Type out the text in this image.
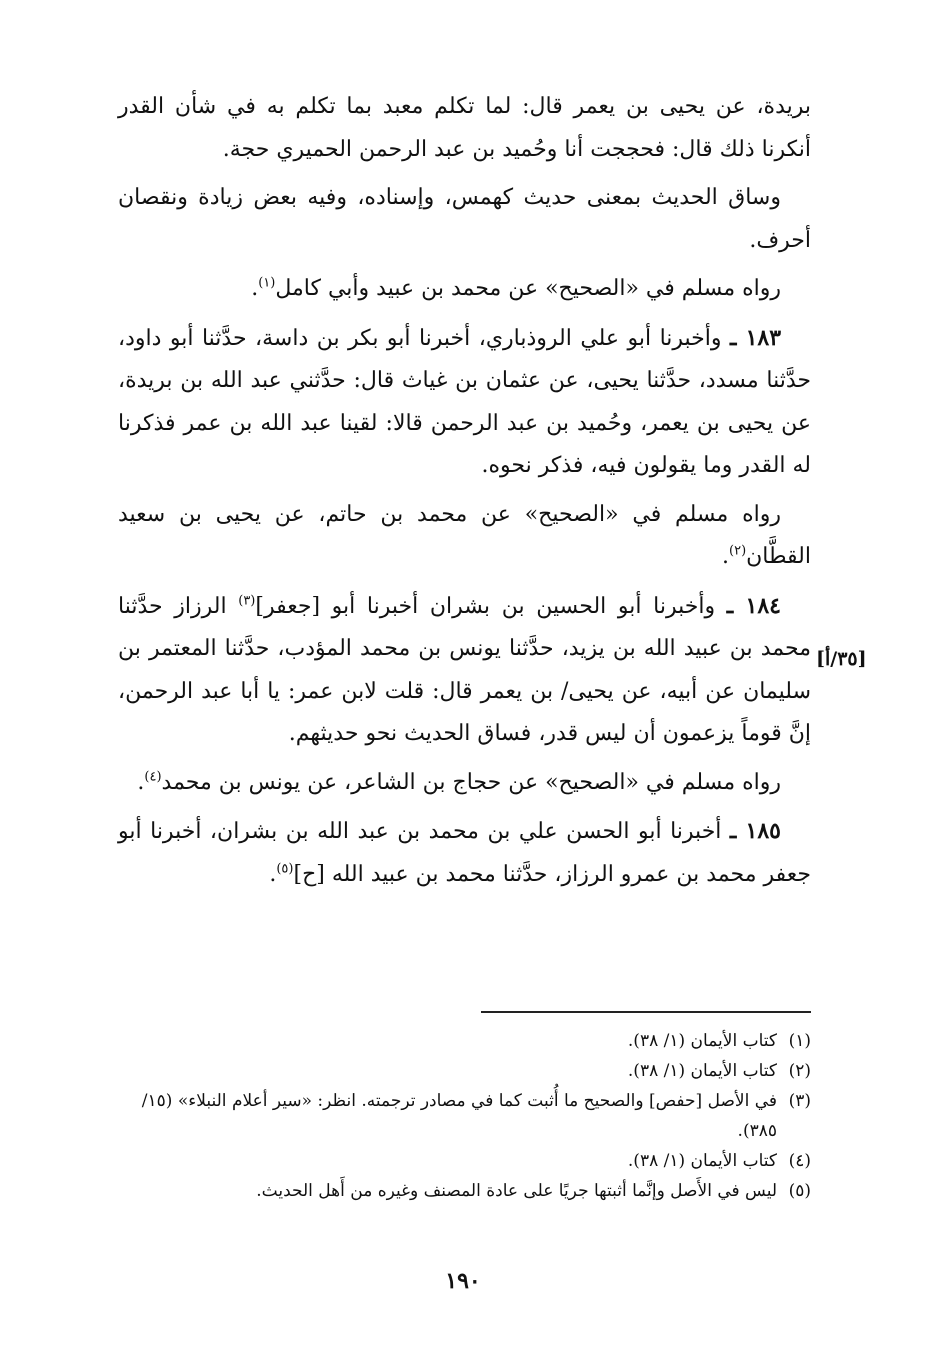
بريدة، عن يحيى بن يعمر قال: لما تكلم معبد بما تكلم به في شأن القدر أنكرنا ذلك قال: فحججت أنا وحُميد بن عبد الرحمن الحميري حجة.

وساق الحديث بمعنى حديث كهمس، وإسناده، وفيه بعض زيادة ونقصان أحرف.

رواه مسلم في «الصحيح» عن محمد بن عبيد وأبي كامل$^{(١)}$.

١٨٣ ـ وأخبرنا أبو علي الروذباري، أخبرنا أبو بكر بن داسة، حدَّثنا أبو داود، حدَّثنا مسدد، حدَّثنا يحيى، عن عثمان بن غياث قال: حدَّثني عبد الله بن بريدة، عن يحيى بن يعمر، وحُميد بن عبد الرحمن قالا: لقينا عبد الله بن عمر فذكرنا له القدر وما يقولون فيه، فذكر نحوه.

رواه مسلم في «الصحيح» عن محمد بن حاتم، عن يحيى بن سعيد القطَّان$^{(٢)}$.

١٨٤ ـ وأخبرنا أبو الحسين بن بشران أخبرنا أبو [جعفر]$^{(٣)}$ الرزاز حدَّثنا محمد بن عبيد الله بن يزيد، حدَّثنا يونس بن محمد المؤدب، حدَّثنا المعتمر بن سليمان عن أبيه، عن يحيى/ بن يعمر قال: قلت لابن عمر: يا أبا عبد الرحمن، إنَّ قوماً يزعمون أن ليس قدر، فساق الحديث نحو حديثهم.

رواه مسلم في «الصحيح» عن حجاج بن الشاعر، عن يونس بن محمد$^{(٤)}$.

١٨٥ ـ أخبرنا أبو الحسن علي بن محمد بن عبد الله بن بشران، أخبرنا أبو جعفر محمد بن عمرو الرزاز، حدَّثنا محمد بن عبيد الله [ح]$^{(٥)}$.

[٣٥/أ]

(١)كتاب الأيمان (١/ ٣٨).

(٢)كتاب الأيمان (١/ ٣٨).

(٣)في الأصل [حفص] والصحيح ما أُثبت كما في مصادر ترجمته. انظر: «سير أعلام النبلاء» (١٥/ ٣٨٥).

(٤)كتاب الأيمان (١/ ٣٨).

(٥)ليس في الأَصل وإنَّما أثبتها جريًا على عادة المصنف وغيره من أَهل الحديث.

١٩٠
